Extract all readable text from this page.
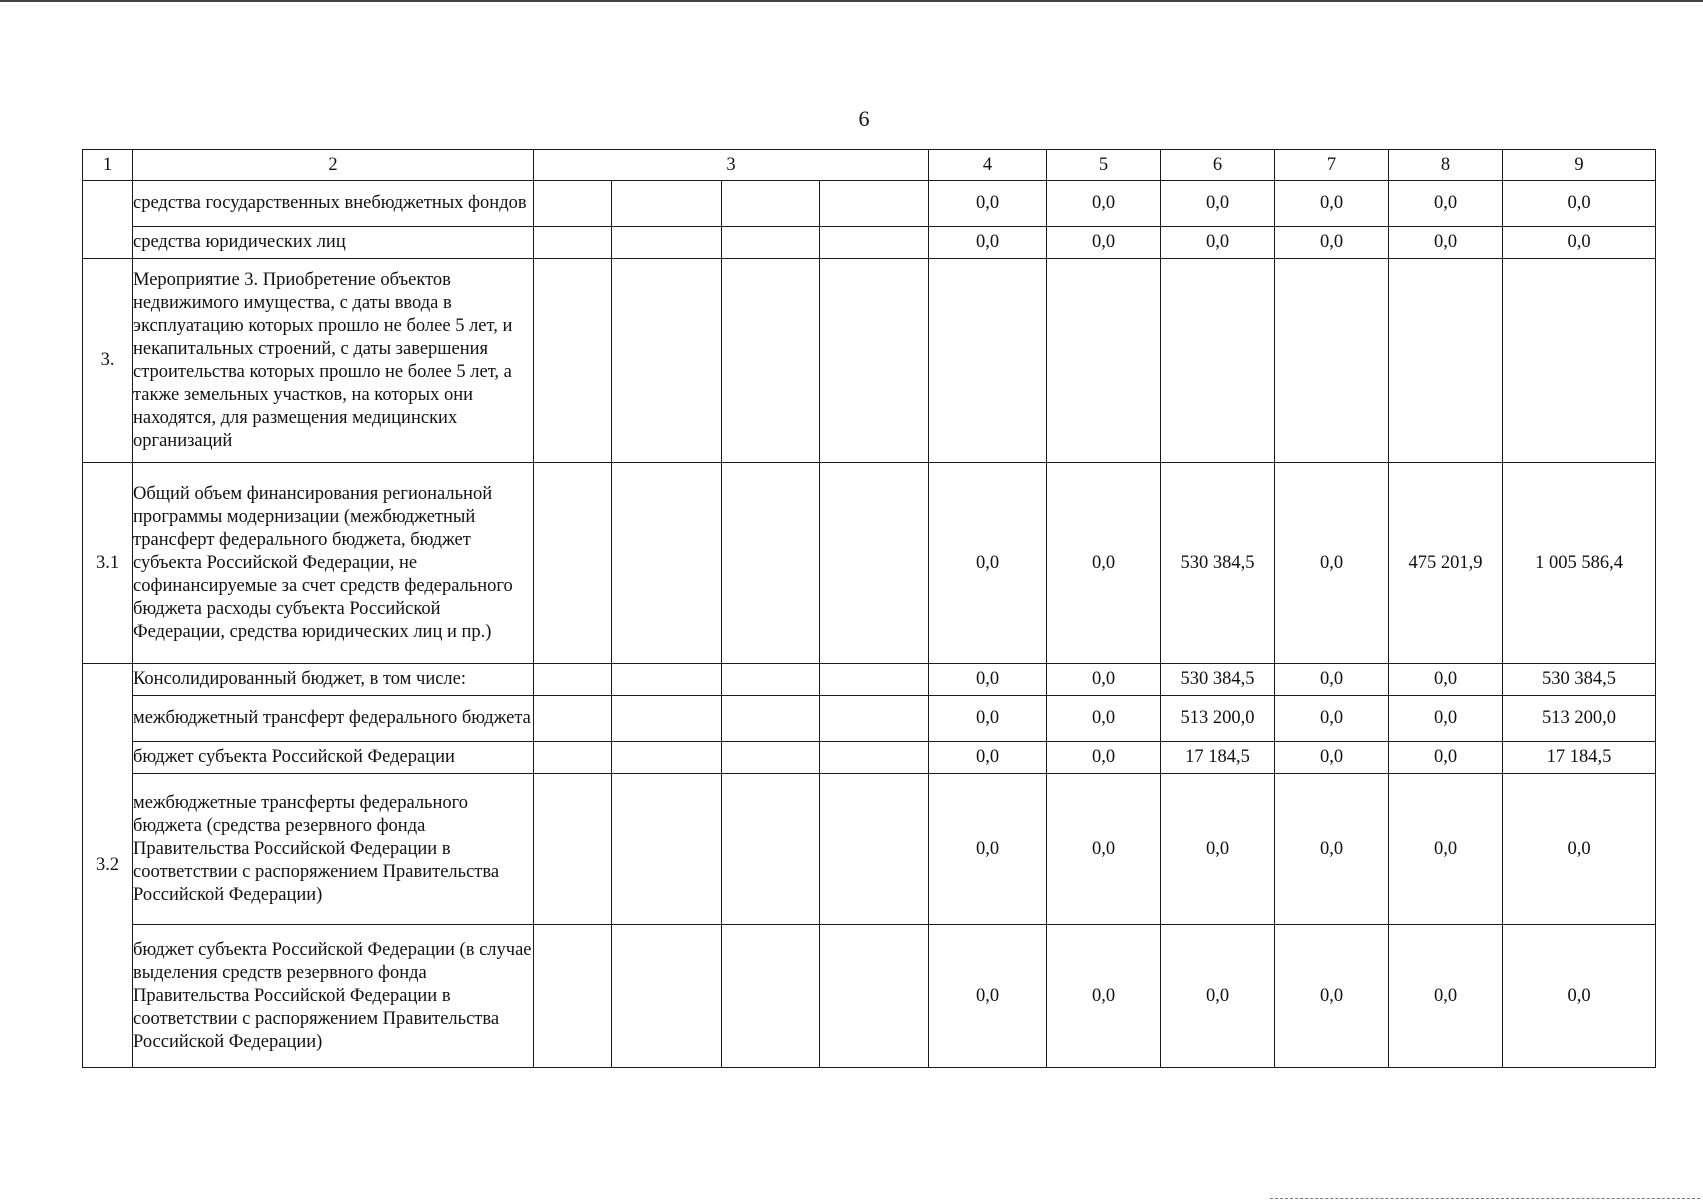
6
1	2	3				4	5	6	7	8	9
	средства государственных внебюджетных фондов					0,0	0,0	0,0	0,0	0,0	0,0
	средства юридических лиц					0,0	0,0	0,0	0,0	0,0	0,0
3.	Мероприятие 3. Приобретение объектов недвижимого имущества, с даты ввода в эксплуатацию которых прошло не более 5 лет, и некапитальных строений, с даты завершения строительства которых прошло не более 5 лет, а также земельных участков, на которых они находятся, для размещения медицинских организаций										
3.1	Общий объем финансирования региональной программы модернизации (межбюджетный трансферт федерального бюджета, бюджет субъекта Российской Федерации, не софинансируемые за счет средств федерального бюджета расходы субъекта Российской Федерации, средства юридических лиц и пр.)					0,0	0,0	530 384,5	0,0	475 201,9	1 005 586,4
3.2	Консолидированный бюджет, в том числе:					0,0	0,0	530 384,5	0,0	0,0	530 384,5
	межбюджетный трансферт федерального бюджета					0,0	0,0	513 200,0	0,0	0,0	513 200,0
	бюджет субъекта Российской Федерации					0,0	0,0	17 184,5	0,0	0,0	17 184,5
	межбюджетные трансферты федерального бюджета (средства резервного фонда Правительства Российской Федерации в соответствии с распоряжением Правительства Российской Федерации)					0,0	0,0	0,0	0,0	0,0	0,0
	бюджет субъекта Российской Федерации (в случае выделения средств резервного фонда Правительства Российской Федерации в соответствии с распоряжением Правительства Российской Федерации)					0,0	0,0	0,0	0,0	0,0	0,0
